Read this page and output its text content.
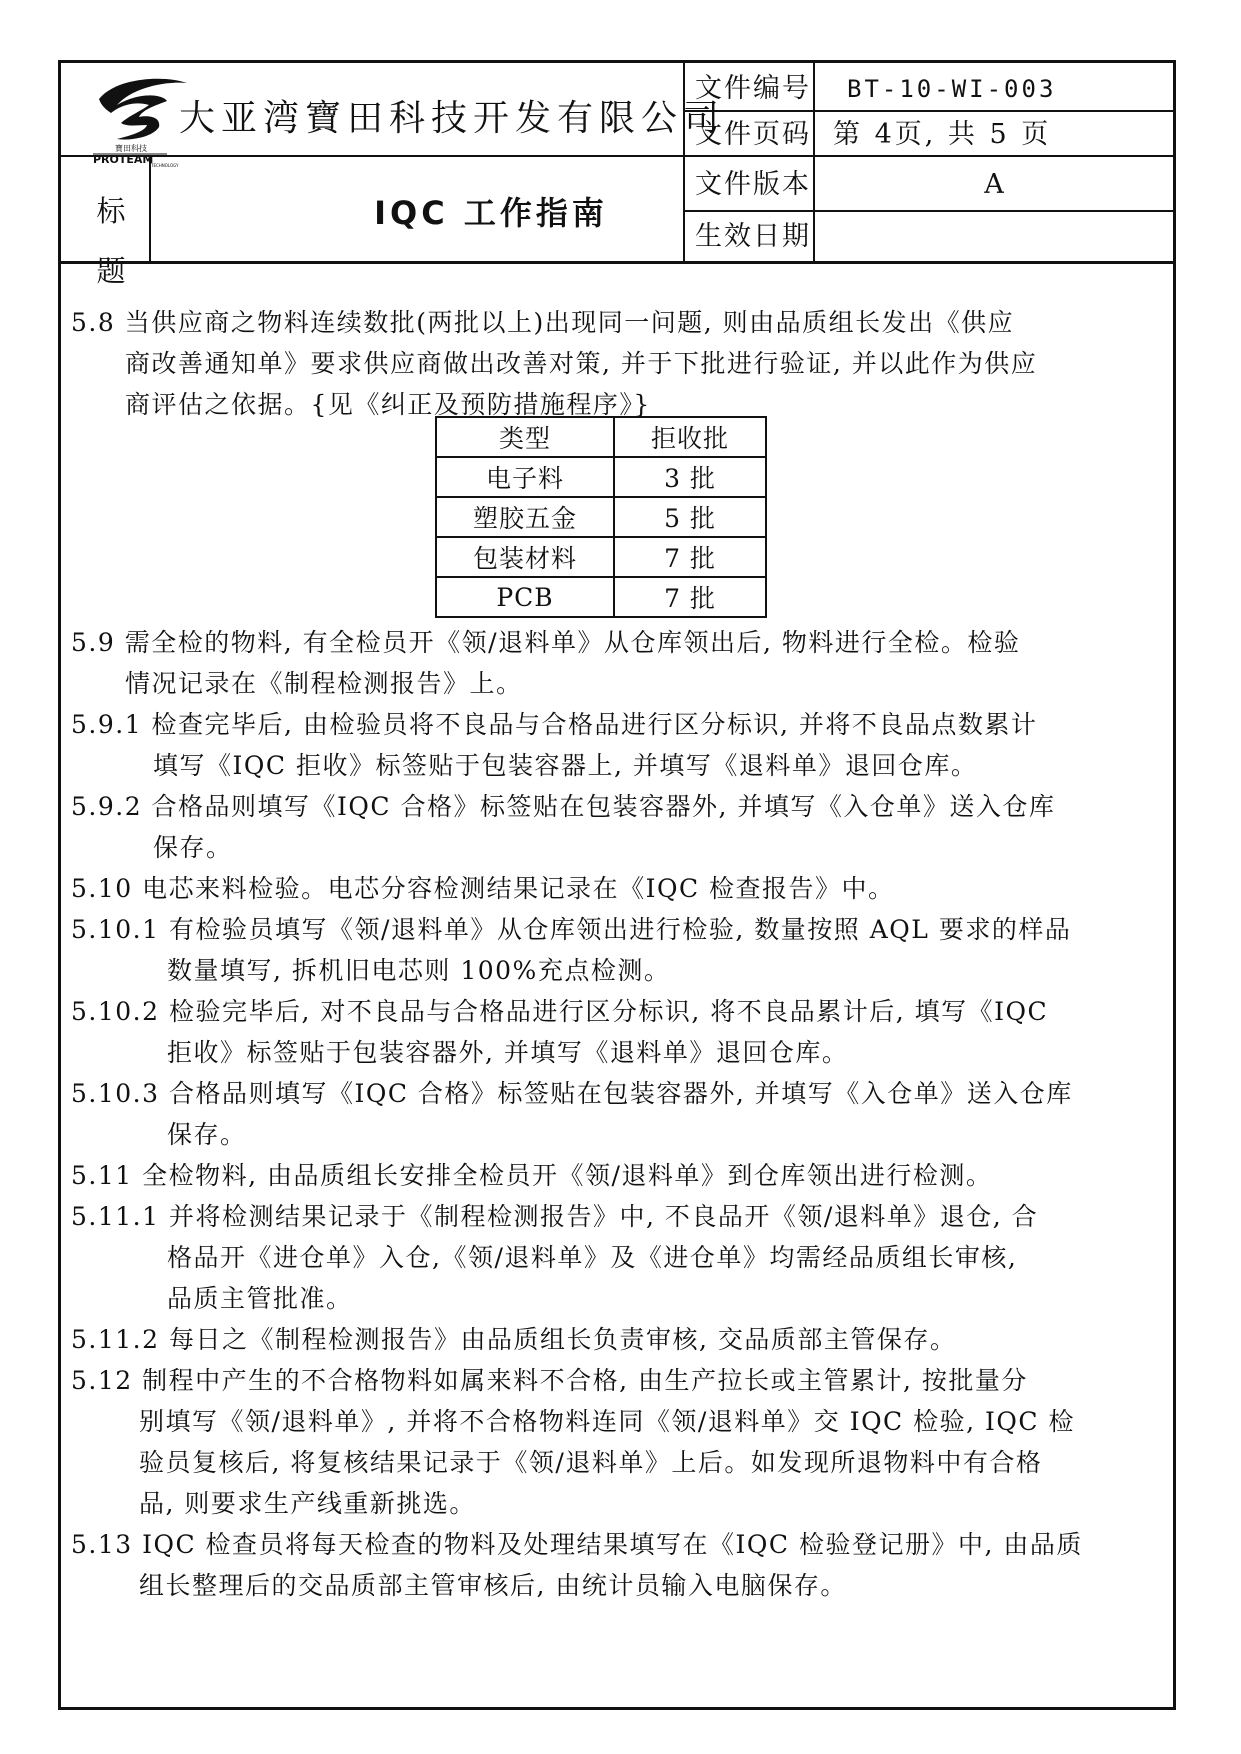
寶田科技
PROTEAM
TECHNOLOGY
大亚湾寶田科技开发有限公司
文件编号 BT-10-WI-003
文件页码 第 4页, 共 5 页
文件版本	A
生效日期
标 题
IQC 工作指南
5.8 当供应商之物料连续数批(两批以上)出现同一问题, 则由品质组长发出《供应
商改善通知单》要求供应商做出改善对策, 并于下批进行验证, 并以此作为供应
商评估之依据。{见《纠正及预防措施程序》}
类型	拒收批
电子料	3 批
塑胶五金	5 批
包装材料	7 批
PCB	7 批
5.9 需全检的物料, 有全检员开《领/退料单》从仓库领出后, 物料进行全检。检验
情况记录在《制程检测报告》上。
5.9.1 检查完毕后, 由检验员将不良品与合格品进行区分标识, 并将不良品点数累计
填写《IQC 拒收》标签贴于包装容器上, 并填写《退料单》退回仓库。
5.9.2 合格品则填写《IQC 合格》标签贴在包装容器外, 并填写《入仓单》送入仓库
保存。
5.10 电芯来料检验。电芯分容检测结果记录在《IQC 检查报告》中。
5.10.1 有检验员填写《领/退料单》从仓库领出进行检验, 数量按照 AQL 要求的样品
数量填写, 拆机旧电芯则 100%充点检测。
5.10.2 检验完毕后, 对不良品与合格品进行区分标识, 将不良品累计后, 填写《IQC
拒收》标签贴于包装容器外, 并填写《退料单》退回仓库。
5.10.3 合格品则填写《IQC 合格》标签贴在包装容器外, 并填写《入仓单》送入仓库
保存。
5.11 全检物料, 由品质组长安排全检员开《领/退料单》到仓库领出进行检测。
5.11.1 并将检测结果记录于《制程检测报告》中, 不良品开《领/退料单》退仓, 合
格品开《进仓单》入仓,《领/退料单》及《进仓单》均需经品质组长审核,
品质主管批准。
5.11.2 每日之《制程检测报告》由品质组长负责审核, 交品质部主管保存。
5.12 制程中产生的不合格物料如属来料不合格, 由生产拉长或主管累计, 按批量分
别填写《领/退料单》, 并将不合格物料连同《领/退料单》交 IQC 检验, IQC 检
验员复核后, 将复核结果记录于《领/退料单》上后。如发现所退物料中有合格
品, 则要求生产线重新挑选。
5.13 IQC 检查员将每天检查的物料及处理结果填写在《IQC 检验登记册》中, 由品质
组长整理后的交品质部主管审核后, 由统计员输入电脑保存。
